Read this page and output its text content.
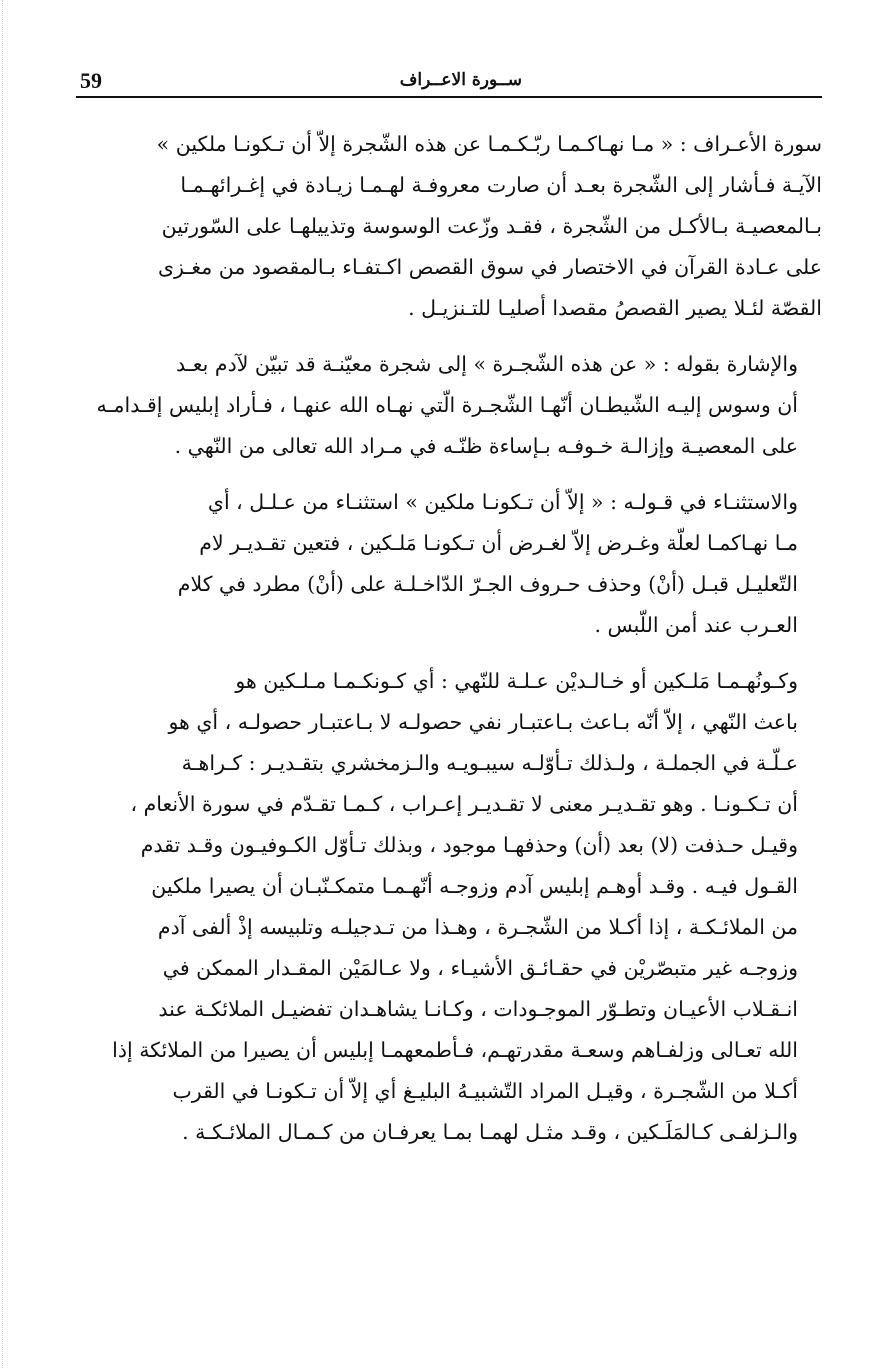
59	ســورة الاعــراف
سورة الأعـراف : « مـا نهـاكـمـا ربّـكـمـا عن هذه الشّجرة إلاّ أن تـكونـا ملكين »
الآيـة فـأشار إلى الشّجرة بعـد أن صارت معروفـة لهـمـا زيـادة في إغـرائهـمـا
بـالمعصيـة بـالأكـل من الشّجرة ، فقـد وزّعت الوسوسة وتذييلهـا على السّورتين
على عـادة القرآن في الاختصار في سوق القصص اكـتفـاء بـالمقصود من مغـزى
القصّة لئـلا يصير القصصُ مقصدا أصليـا للتـنزيـل .
والإشارة بقوله : « عن هذه الشّجـرة » إلى شجرة معيّنـة قد تبيّن لآدم بعـد
أن وسوس إليـه الشّيطـان أنّهـا الشّجـرة الّتي نهـاه الله عنهـا ، فـأراد إبليس إقـدامـه
على المعصيـة وإزالـة خـوفـه بـإساءة ظنّـه في مـراد الله تعالى من النّهي .
والاستثنـاء في قـولـه : « إلاّ أن تـكونـا ملكين » استثنـاء من عـلـل ، أي
مـا نهـاكمـا لعلّة وغـرض إلاّ لغـرض أن تـكونـا مَلـكين ، فتعين تقـديـر لام
التّعليـل قبـل (أنْ) وحذف حـروف الجـرّ الدّاخـلـة على (أنْ) مطرد في كلام
العـرب عند أمن اللّبس .
وكـونُهـمـا مَلـكين أو خـالـديْن عـلـة للنّهي : أي كـونكـمـا مـلـكين هو
باعث النّهي ، إلاّ أنّه بـاعث بـاعتبـار نفي حصولـه لا بـاعتبـار حصولـه ، أي هو
عـلّـة في الجملـة ، ولـذلك تـأوّلـه سيبـويـه والـزمخشري بتقـديـر : كـراهـة
أن تـكـونـا . وهو تقـديـر معنى لا تقـديـر إعـراب ، كـمـا تقـدّم في سورة الأنعام ،
وقيـل حـذفت (لا) بعد (أن) وحذفهـا موجود ، وبذلك تـأوّل الكـوفيـون وقـد تقدم
القـول فيـه . وقـد أوهـم إبليس آدم وزوجـه أنّهـمـا متمكـنّبـان أن يصيرا ملكين
من الملائـكـة ، إذا أكـلا من الشّجـرة ، وهـذا من تـدجيلـه وتلبيسه إذْ ألفى آدم
وزوجـه غير متبصّريْن في حقـائـق الأشيـاء ، ولا عـالمَيْن المقـدار الممكن في
انـقـلاب الأعيـان وتطـوّر الموجـودات ، وكـانـا يشاهـدان تفضيـل الملائكـة عند
الله تعـالى وزلفـاهم وسعـة مقدرتهـم، فـأطمعهمـا إبليس أن يصيرا من الملائكة إذا
أكـلا من الشّجـرة ، وقيـل المراد التّشبيـهُ البليـغ أي إلاّ أن تـكونـا في القرب
والـزلفـى كـالمَلَـكين ، وقـد مثـل لهمـا بمـا يعرفـان من كـمـال الملائـكـة .
